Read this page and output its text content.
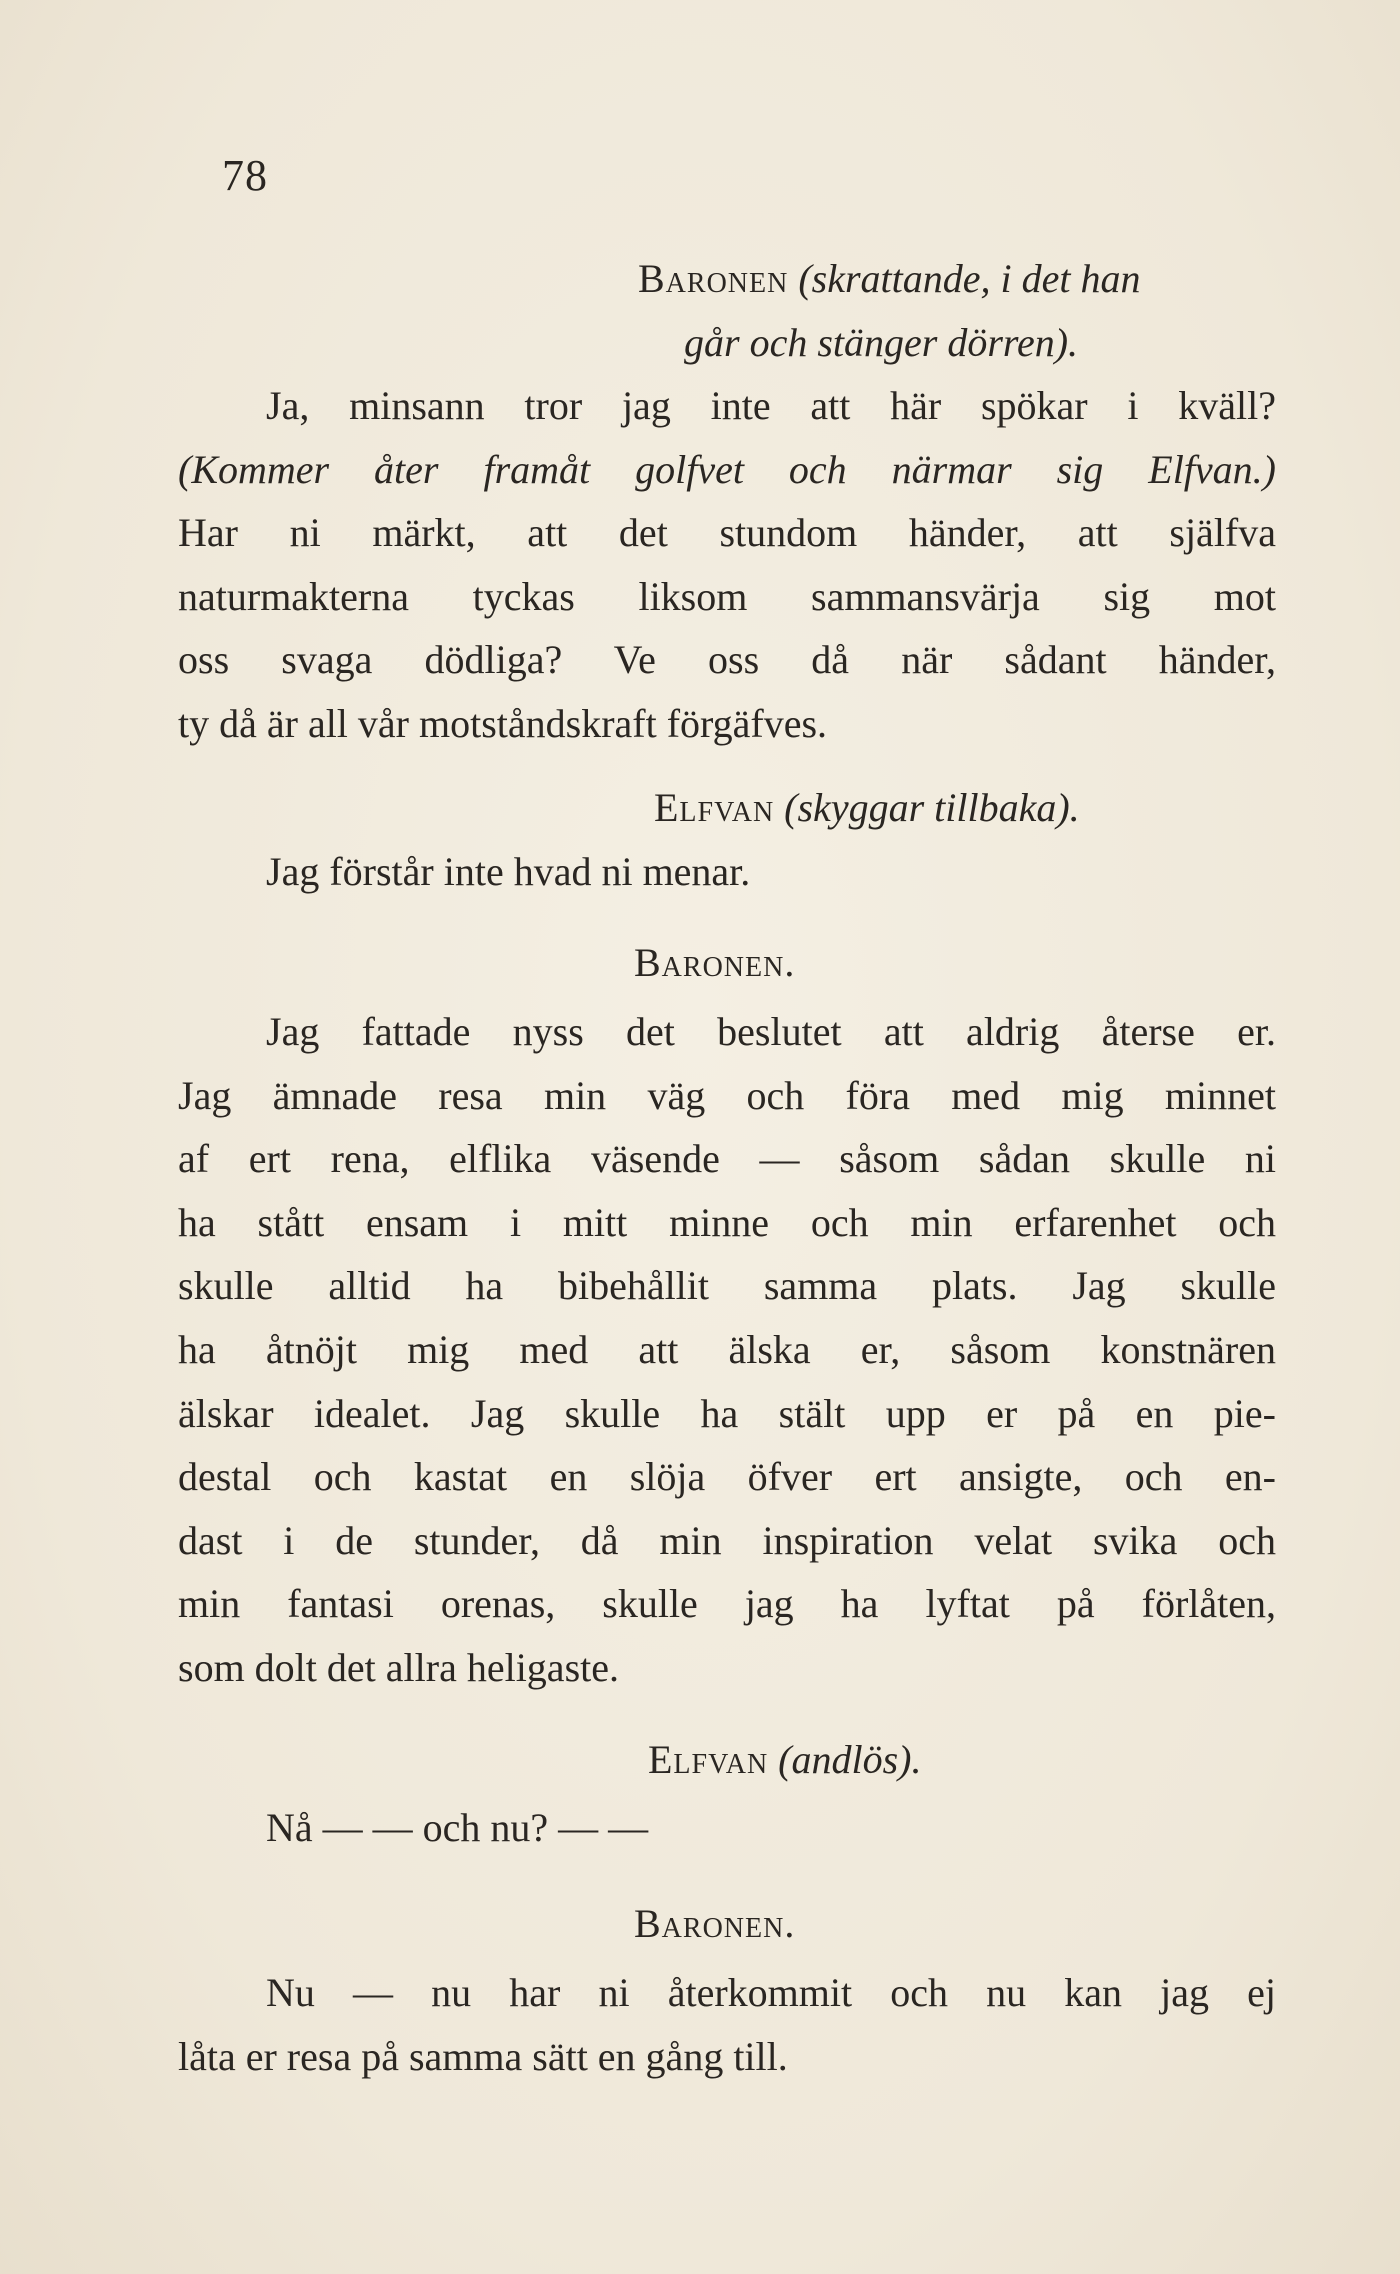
78
Baronen (skrattande, i det han
går och stänger dörren).
Ja, minsann tror jag inte att här spökar i kväll?
(Kommer åter framåt golfvet och närmar sig Elfvan.)
Har ni märkt, att det stundom händer, att själfva
naturmakterna tyckas liksom sammansvärja sig mot
oss svaga dödliga? Ve oss då när sådant händer,
ty då är all vår motståndskraft förgäfves.
Elfvan (skyggar tillbaka).
Jag förstår inte hvad ni menar.
Baronen.
Jag fattade nyss det beslutet att aldrig återse er.
Jag ämnade resa min väg och föra med mig minnet
af ert rena, elflika väsende — såsom sådan skulle ni
ha stått ensam i mitt minne och min erfarenhet och
skulle alltid ha bibehållit samma plats. Jag skulle
ha åtnöjt mig med att älska er, såsom konstnären
älskar idealet. Jag skulle ha stält upp er på en pie-
destal och kastat en slöja öfver ert ansigte, och en-
dast i de stunder, då min inspiration velat svika och
min fantasi orenas, skulle jag ha lyftat på förlåten,
som dolt det allra heligaste.
Elfvan (andlös).
Nå — — och nu? — —
Baronen.
Nu — nu har ni återkommit och nu kan jag ej
låta er resa på samma sätt en gång till.
